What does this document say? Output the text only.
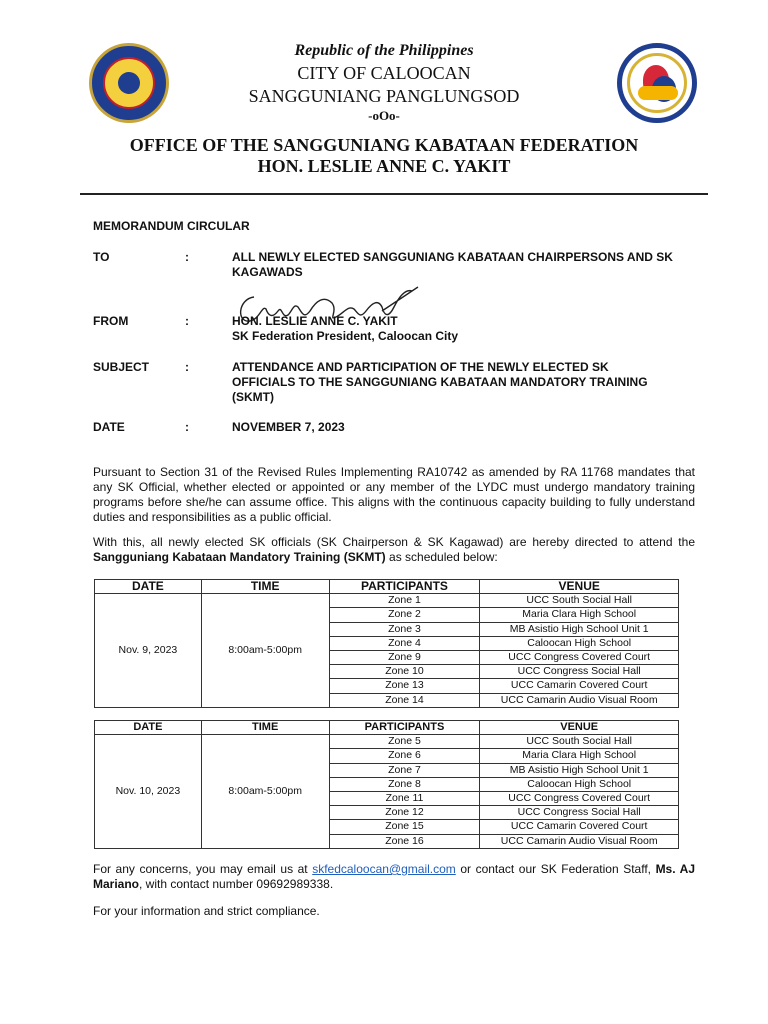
Republic of the Philippines
CITY OF CALOOCAN
SANGGUNIANG PANGLUNGSOD
-oOo-
OFFICE OF THE SANGGUNIANG KABATAAN FEDERATION
HON. LESLIE ANNE C. YAKIT
MEMORANDUM CIRCULAR
TO	:	ALL NEWLY ELECTED SANGGUNIANG KABATAAN CHAIRPERSONS AND SK KAGAWADS
FROM	:	HON. LESLIE ANNE C. YAKIT
SK Federation President, Caloocan City
SUBJECT	:	ATTENDANCE AND PARTICIPATION OF THE NEWLY ELECTED SK OFFICIALS TO THE SANGGUNIANG KABATAAN MANDATORY TRAINING (SKMT)
DATE	:	NOVEMBER 7, 2023

Pursuant to Section 31 of the Revised Rules Implementing RA10742 as amended by RA 11768 mandates that any SK Official, whether elected or appointed or any member of the LYDC must undergo mandatory training programs before she/he can assume office. This aligns with the continuous capacity building to fully understand duties and responsibilities as a public official.

With this, all newly elected SK officials (SK Chairperson & SK Kagawad) are hereby directed to attend the Sangguniang Kabataan Mandatory Training (SKMT) as scheduled below:

DATE	TIME	PARTICIPANTS	VENUE
Nov. 9, 2023	8:00am-5:00pm	Zone 1	UCC South Social Hall
		Zone 2	Maria Clara High School
		Zone 3	MB Asistio High School Unit 1
		Zone 4	Caloocan High School
		Zone 9	UCC Congress Covered Court
		Zone 10	UCC Congress Social Hall
		Zone 13	UCC Camarin Covered Court
		Zone 14	UCC Camarin Audio Visual Room
DATE	TIME	PARTICIPANTS	VENUE
Nov. 10, 2023	8:00am-5:00pm	Zone 5	UCC South Social Hall
		Zone 6	Maria Clara High School
		Zone 7	MB Asistio High School Unit 1
		Zone 8	Caloocan High School
		Zone 11	UCC Congress Covered Court
		Zone 12	UCC Congress Social Hall
		Zone 15	UCC Camarin Covered Court
		Zone 16	UCC Camarin Audio Visual Room

For any concerns, you may email us at skfedcaloocan@gmail.com or contact our SK Federation Staff, Ms. AJ Mariano, with contact number 09692989338.

For your information and strict compliance.
